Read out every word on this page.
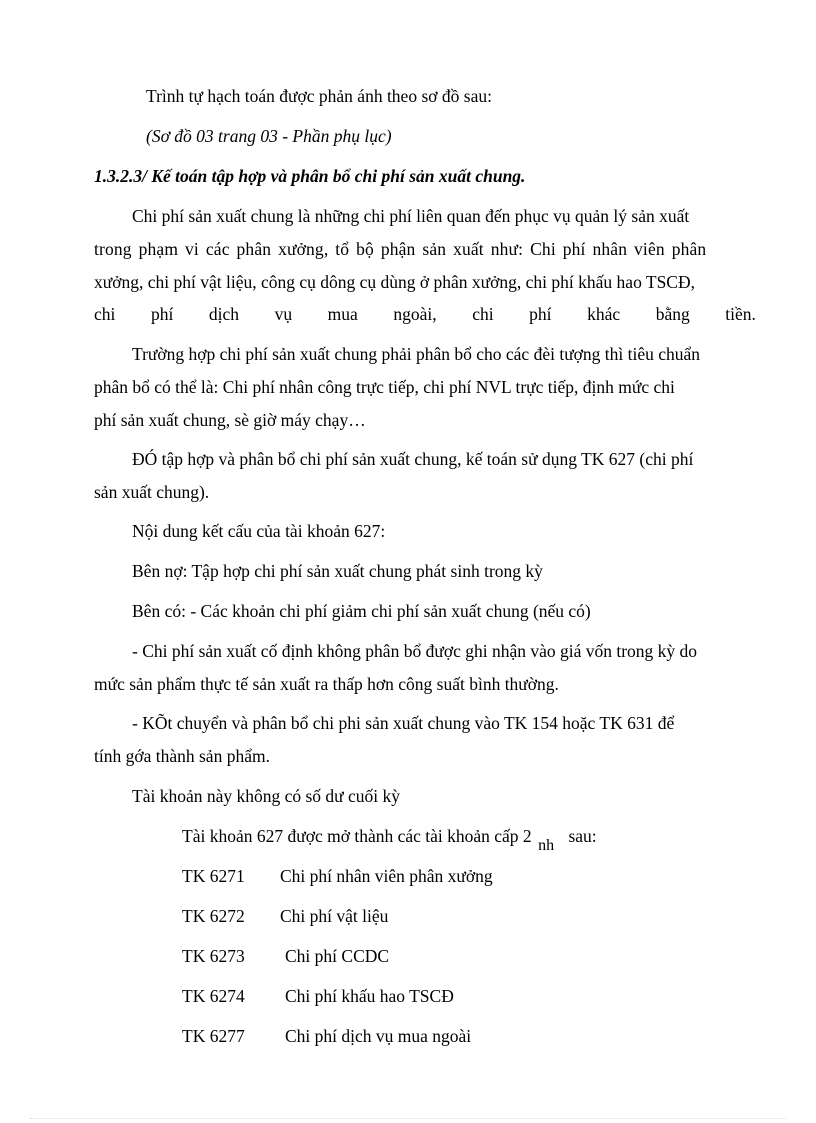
Trình tự hạch toán được phản ánh theo sơ đồ sau:
(Sơ đồ 03 trang 03 - Phần phụ lục)
1.3.2.3/ Kế toán tập hợp và phân bổ chi phí sản xuất chung.
Chi phí sản xuất chung là những chi phí liên quan đến phục vụ quản lý sản xuất
trong phạm vi các phân xưởng, tổ bộ phận sản xuất như: Chi phí nhân viên phân
xưởng, chi phí vật liệu, công cụ dông cụ dùng ở phân xưởng, chi phí khấu hao TSCĐ,
chi phí dịch vụ mua ngoài, chi phí khác bằng tiền.
Trường hợp chi phí sản xuất chung phải phân bổ cho các đèi tượng thì tiêu chuẩn
phân bổ có thể là: Chi phí nhân công trực tiếp, chi phí NVL trực tiếp, định mức chi
phí sản xuất chung, sè giờ máy chạy…
ĐÓ tập hợp và phân bổ chi phí sản xuất chung, kế toán sử dụng TK 627 (chi phí
sản xuất chung).
Nội dung kết cấu của tài khoản 627:
Bên nợ: Tập hợp chi phí sản xuất chung phát sinh trong kỳ
Bên có: - Các khoản chi phí giảm chi phí sản xuất chung (nếu có)
- Chi phí sản xuất cố định không phân bổ được ghi nhận vào giá vốn trong kỳ do
mức sản phẩm thực tế sản xuất ra thấp hơn công suất bình thường.
- KÕt chuyển và phân bổ chi phi sản xuất chung vào TK 154 hoặc TK 631 để
tính gớa thành sản phẩm.
Tài khoản này không có số dư cuối kỳ
Tài khoản 627 được mở thành các tài khoản cấp 2 nh sau:
TK 6271 Chi phí nhân viên phân xưởng
TK 6272 Chi phí vật liệu
TK 6273 Chi phí CCDC
TK 6274 Chi phí khấu hao TSCĐ
TK 6277 Chi phí dịch vụ mua ngoài
